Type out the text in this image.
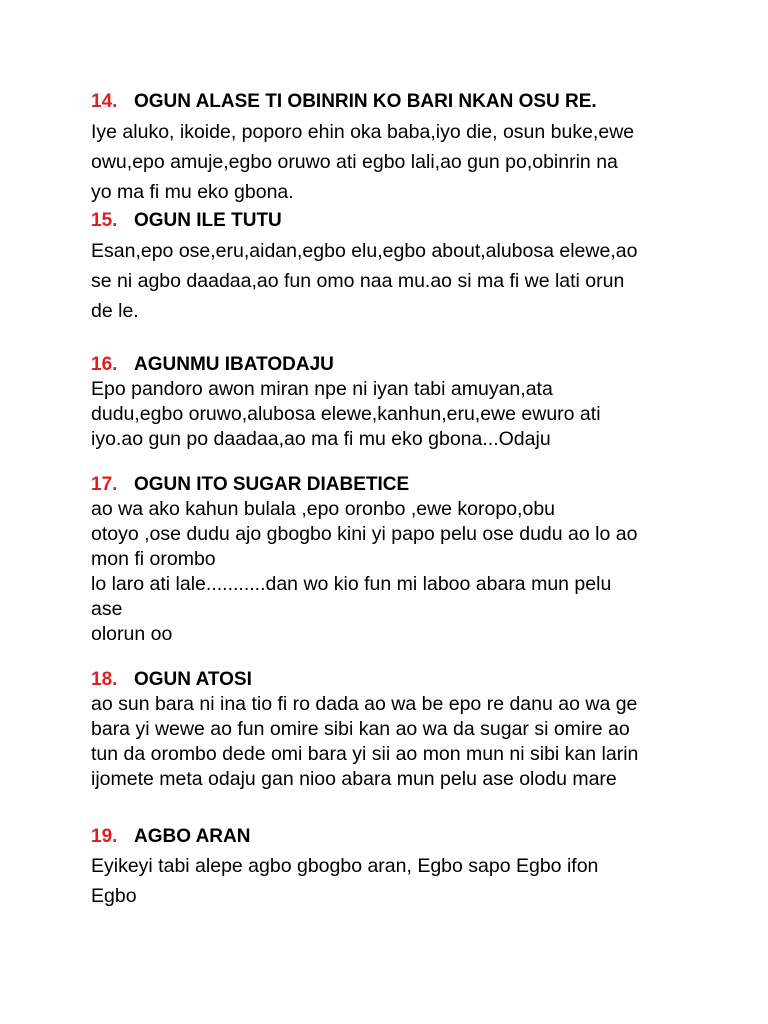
14. OGUN ALASE TI OBINRIN KO BARI NKAN OSU RE.
Iye aluko, ikoide, poporo ehin oka baba,iyo die, osun buke,ewe
owu,epo amuje,egbo oruwo ati egbo lali,ao gun po,obinrin na
yo ma fi mu eko gbona.
15. OGUN ILE TUTU
Esan,epo ose,eru,aidan,egbo elu,egbo about,alubosa elewe,ao
se ni agbo daadaa,ao fun omo naa mu.ao si ma fi we lati orun
de le.
16. AGUNMU IBATODAJU
Epo pandoro awon miran npe ni iyan tabi amuyan,ata
dudu,egbo oruwo,alubosa elewe,kanhun,eru,ewe ewuro ati
iyo.ao gun po daadaa,ao ma fi mu eko gbona...Odaju
17. OGUN ITO SUGAR DIABETICE
ao wa ako kahun bulala ,epo oronbo ,ewe koropo,obu
otoyo ,ose dudu ajo gbogbo kini yi papo pelu ose dudu ao lo ao
mon fi orombo
lo laro ati lale...........dan wo kio fun mi laboo abara mun pelu
ase
olorun oo
18. OGUN ATOSI
ao sun bara ni ina tio fi ro dada ao wa be epo re danu ao wa ge
bara yi wewe ao fun omire sibi kan ao wa da sugar si omire ao
tun da orombo dede omi bara yi sii ao mon mun ni sibi kan larin
ijomete meta odaju gan nioo abara mun pelu ase olodu mare
19. AGBO ARAN
Eyikeyi tabi alepe agbo gbogbo aran, Egbo sapo Egbo ifon
Egbo
